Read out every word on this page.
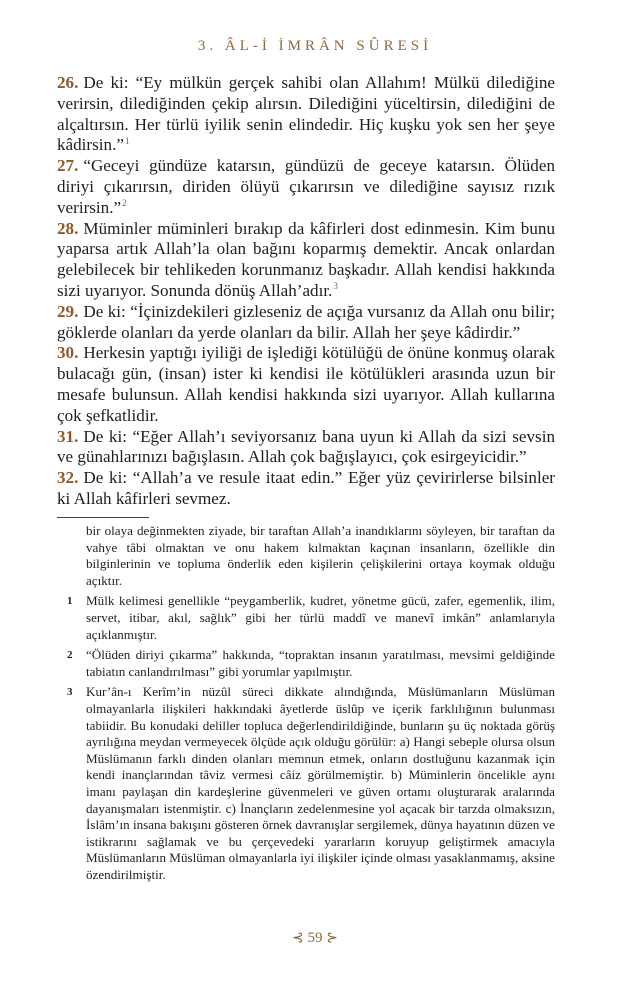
3. ÂL-İ İMRÂN SÛRESİ

26. De ki: “Ey mülkün gerçek sahibi olan Allahım! Mülkü dilediğine verirsin, dilediğinden çekip alırsın. Dilediğini yüceltirsin, dilediğini de alçaltırsın. Her türlü iyilik senin elindedir. Hiç kuşku yok sen her şeye kâdirsin.”$^1$

27. “Geceyi gündüze katarsın, gündüzü de geceye katarsın. Ölüden diriyi çıkarırsın, diriden ölüyü çıkarırsın ve dilediğine sayısız rızık verirsin.”$^2$

28. Müminler müminleri bırakıp da kâfirleri dost edinmesin. Kim bunu yaparsa artık Allah’la olan bağını koparmış demektir. Ancak onlardan gelebilecek bir tehlikeden korunmanız başkadır. Allah kendisi hakkında sizi uyarıyor. Sonunda dönüş Allah’adır.$^3$

29. De ki: “İçinizdekileri gizleseniz de açığa vursanız da Allah onu bilir; göklerde olanları da yerde olanları da bilir. Allah her şeye kâdirdir.”

30. Herkesin yaptığı iyiliği de işlediği kötülüğü de önüne konmuş olarak bulacağı gün, (insan) ister ki kendisi ile kötülükleri arasında uzun bir mesafe bulunsun. Allah kendisi hakkında sizi uyarıyor. Allah kullarına çok şefkatlidir.

31. De ki: “Eğer Allah’ı seviyorsanız bana uyun ki Allah da sizi sevsin ve günahlarınızı bağışlasın. Allah çok bağışlayıcı, çok esirgeyicidir.”

32. De ki: “Allah’a ve resule itaat edin.” Eğer yüz çevirirlerse bilsinler ki Allah kâfirleri sevmez.

bir olaya değinmekten ziyade, bir taraftan Allah’a inandıklarını söyleyen, bir taraftan da vahye tâbi olmaktan ve onu hakem kılmaktan kaçınan insanların, özellikle din bilginlerinin ve topluma önderlik eden kişilerin çelişkilerini ortaya koymak olduğu açıktır.
1 Mülk kelimesi genellikle “peygamberlik, kudret, yönetme gücü, zafer, egemenlik, ilim, servet, itibar, akıl, sağlık” gibi her türlü maddî ve manevî imkân” anlamlarıyla açıklanmıştır.
2 “Ölüden diriyi çıkarma” hakkında, “topraktan insanın yaratılması, mevsimi geldiğinde tabiatın canlandırılması” gibi yorumlar yapılmıştır.
3 Kur’ân-ı Kerîm’in nüzûl süreci dikkate alındığında, Müslümanların Müslüman olmayanlarla ilişkileri hakkındaki âyetlerde üslûp ve içerik farklılığının bulunması tabiidir. Bu konudaki deliller topluca değerlendirildiğinde, bunların şu üç noktada görüş ayrılığına meydan vermeyecek ölçüde açık olduğu görülür: a) Hangi sebeple olursa olsun Müslümanın farklı dinden olanları memnun etmek, onların dostluğunu kazanmak için kendi inançlarından tâviz vermesi câiz görülmemiştir. b) Müminlerin öncelikle aynı imanı paylaşan din kardeşlerine güvenmeleri ve güven ortamı oluşturarak aralarında dayanışmaları istenmiştir. c) İnançların zedelenmesine yol açacak bir tarzda olmaksızın, İslâm’ın insana bakışını gösteren örnek davranışlar sergilemek, dünya hayatının düzen ve istikrarını sağlamak ve bu çerçevedeki yararların koruyup geliştirmek amacıyla Müslümanların Müslüman olmayanlarla iyi ilişkiler içinde olması yasaklanmamış, aksine özendirilmiştir.
⊰ 59 ⊱
